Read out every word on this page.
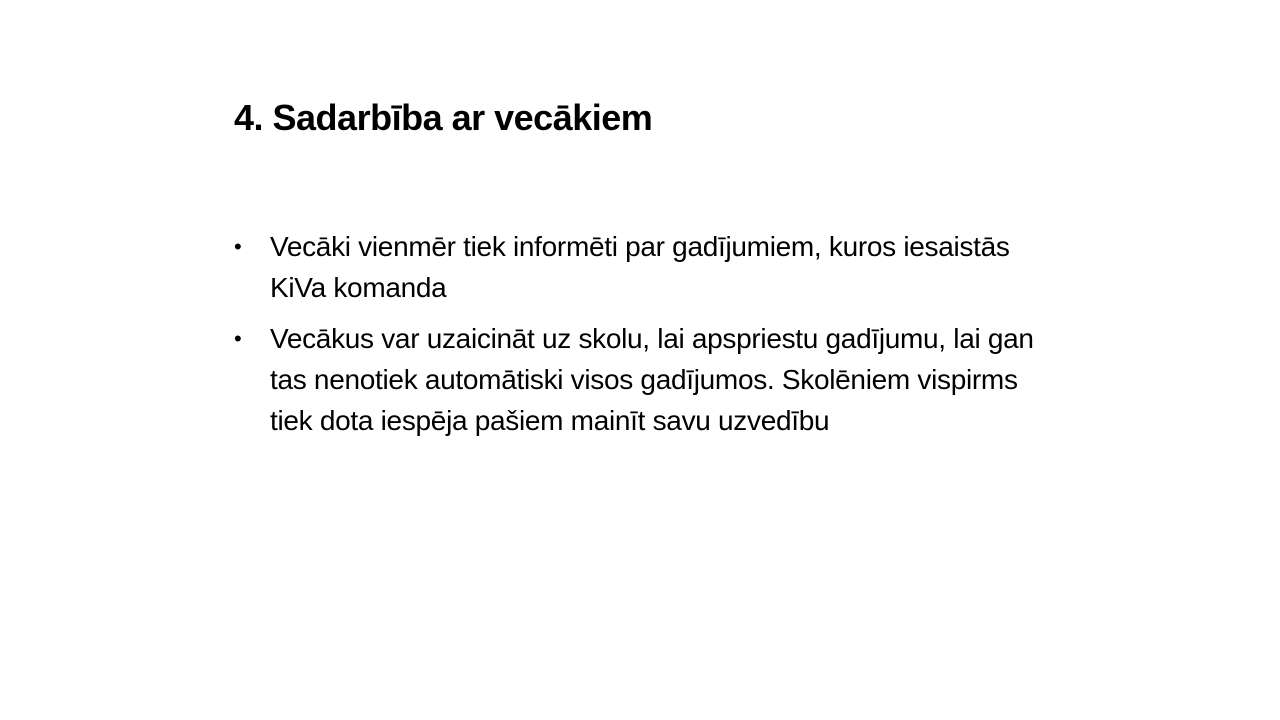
4. Sadarbība ar vecākiem
• Vecāki vienmēr tiek informēti par gadījumiem, kuros iesaistās KiVa komanda
• Vecākus var uzaicināt uz skolu, lai apspriestu gadījumu, lai gan tas nenotiek automātiski visos gadījumos. Skolēniem vispirms tiek dota iespēja pašiem mainīt savu uzvedību
